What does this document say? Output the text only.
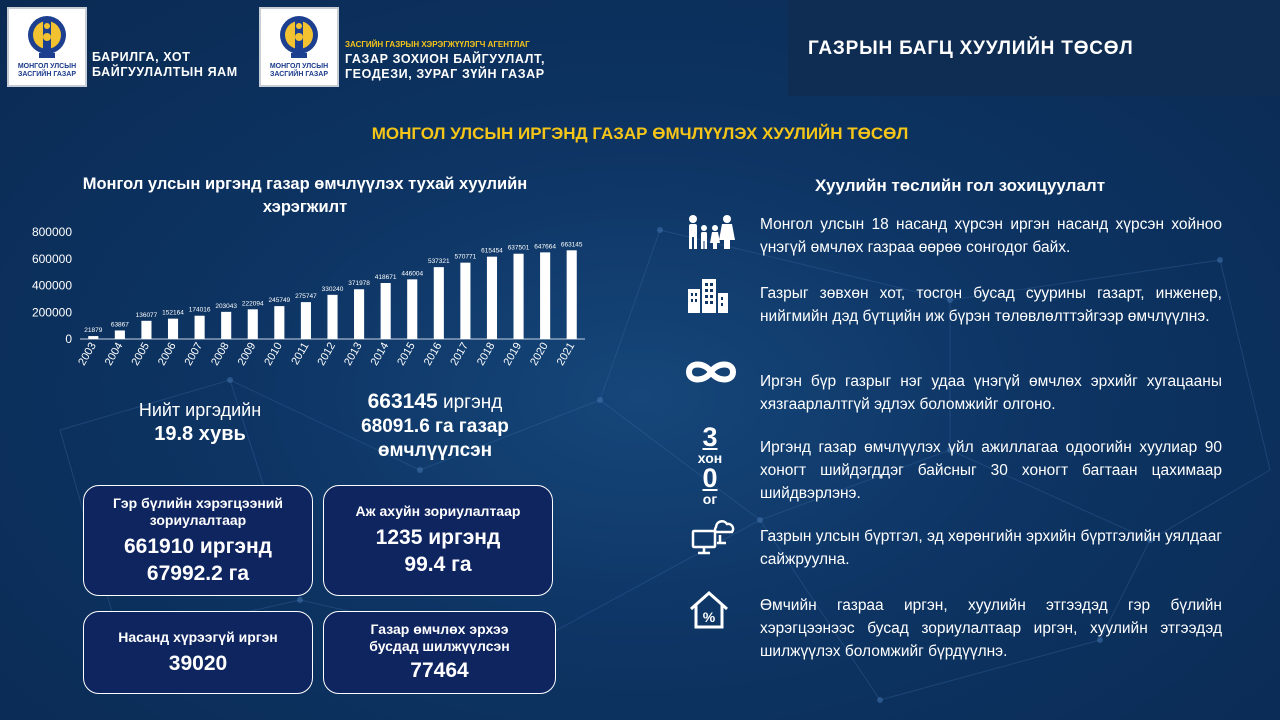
МОНГОЛ УЛСЫН ЗАСГИЙН ГАЗАР
БАРИЛГА, ХОТ
БАЙГУУЛАЛТЫН ЯАМ	МОНГОЛ УЛСЫН ЗАСГИЙН ГАЗАР
ЗАСГИЙН ГАЗРЫН ХЭРЭГЖҮҮЛЭГЧ АГЕНТЛАГ
ГАЗАР ЗОХИОН БАЙГУУЛАЛТ,
ГЕОДЕЗИ, ЗУРАГ ЗҮЙН ГАЗАР
ГАЗРЫН БАГЦ ХУУЛИЙН ТӨСӨЛ
МОНГОЛ УЛСЫН ИРГЭНД ГАЗАР ӨМЧЛҮҮЛЭХ ХУУЛИЙН ТӨСӨЛ
Монгол улсын иргэнд газар өмчлүүлэх тухай хуулийн хэрэгжилт
800000
600000
400000
200000
0
21879
2003
63867
2004
136077
2005
152164
2006
174016
2007
203043
2008
222094
2009
245749
2010
275747
2011
330240
2012
371978
2013
418671
2014
446004
2015
537321
2016
570771
2017
615454
2018
637501
2019
647664
2020
663145
2021
Нийт иргэдийн
19.8 хувь
663145 иргэнд
68091.6 га газар
өмчлүүлсэн
Гэр бүлийн хэрэгцээний зориулалтаар
661910 иргэнд
67992.2 га
Аж ахуйн зориулалтаар
1235 иргэнд
99.4 га
Насанд хүрээгүй иргэн
39020
Газар өмчлөх эрхээ бусдад шилжүүлсэн
77464
Хуулийн төслийн гол зохицуулалт
3
хон
0
ог
%
Монгол улсын 18 насанд хүрсэн иргэн насанд хүрсэн хойноо үнэгүй өмчлөх газраа өөрөө сонгодог байх.
Газрыг зөвхөн хот, тосгон бусад суурины газарт, инженер, нийгмийн дэд бүтцийн иж бүрэн төлөвлөлттэйгээр өмчлүүлнэ.
Иргэн бүр газрыг нэг удаа үнэгүй өмчлөх эрхийг хугацааны хязгаарлалтгүй эдлэх боломжийг олгоно.
Иргэнд газар өмчлүүлэх үйл ажиллагаа одоогийн хуулиар 90 хоногт шийдэгддэг байсныг 30 хоногт багтаан цахимаар шийдвэрлэнэ.
Газрын улсын бүртгэл, эд хөрөнгийн эрхийн бүртгэлийн уялдааг сайжруулна.
Өмчийн газраа иргэн, хуулийн этгээдэд гэр бүлийн хэрэгцээнээс бусад зориулалтаар иргэн, хуулийн этгээдэд шилжүүлэх боломжийг бүрдүүлнэ.
